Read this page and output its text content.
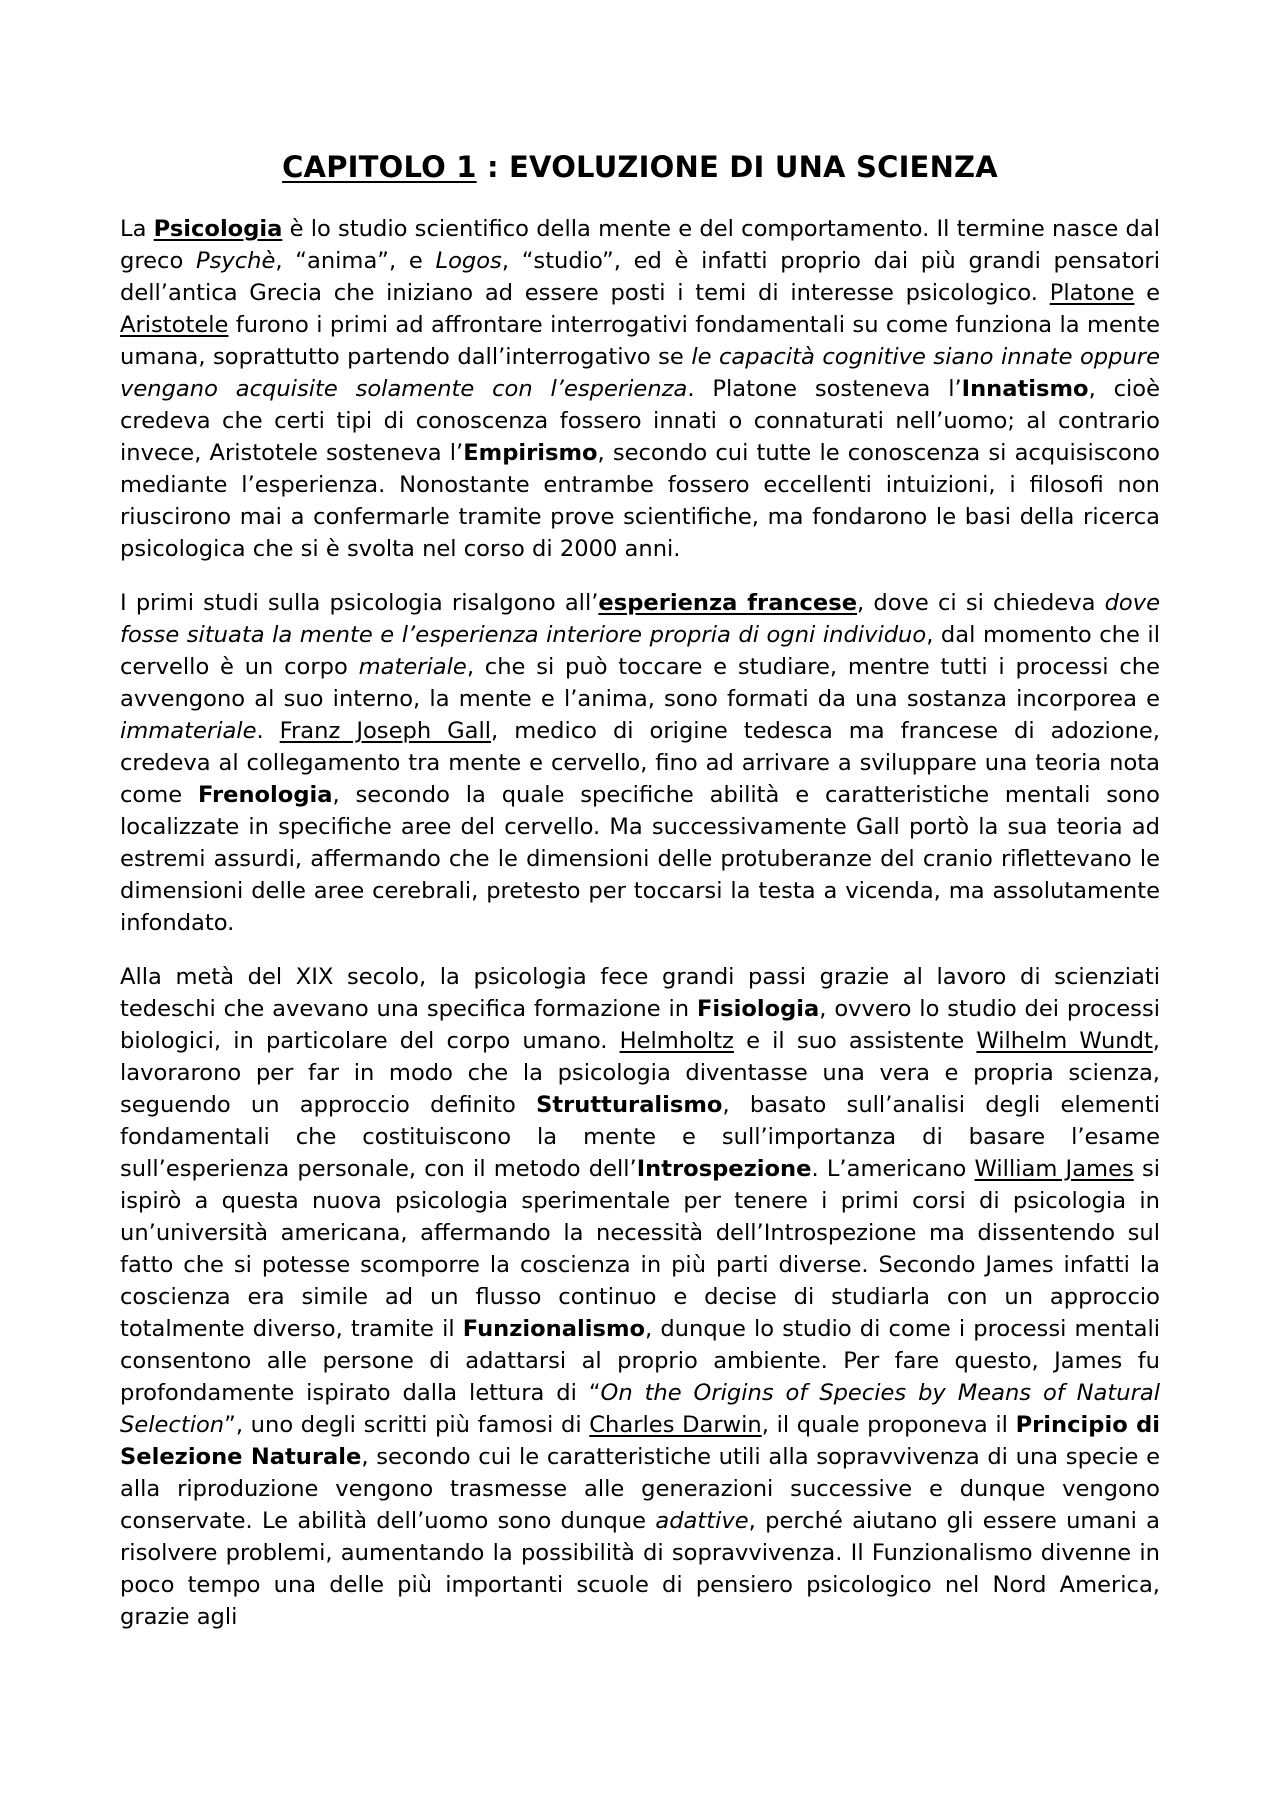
CAPITOLO 1 : EVOLUZIONE DI UNA SCIENZA

La Psicologia è lo studio scientifico della mente e del comportamento. Il termine nasce dal greco Psychè, “anima”, e Logos, “studio”, ed è infatti proprio dai più grandi pensatori dell’antica Grecia che iniziano ad essere posti i temi di interesse psicologico. Platone e Aristotele furono i primi ad affrontare interrogativi fondamentali su come funziona la mente umana, soprattutto partendo dall’interrogativo se le capacità cognitive siano innate oppure vengano acquisite solamente con l’esperienza. Platone sosteneva l’Innatismo, cioè credeva che certi tipi di conoscenza fossero innati o connaturati nell’uomo; al contrario invece, Aristotele sosteneva l’Empirismo, secondo cui tutte le conoscenza si acquisiscono mediante l’esperienza. Nonostante entrambe fossero eccellenti intuizioni, i filosofi non riuscirono mai a confermarle tramite prove scientifiche, ma fondarono le basi della ricerca psicologica che si è svolta nel corso di 2000 anni.

I primi studi sulla psicologia risalgono all’esperienza francese, dove ci si chiedeva dove fosse situata la mente e l’esperienza interiore propria di ogni individuo, dal momento che il cervello è un corpo materiale, che si può toccare e studiare, mentre tutti i processi che avvengono al suo interno, la mente e l’anima, sono formati da una sostanza incorporea e immateriale. Franz Joseph Gall, medico di origine tedesca ma francese di adozione, credeva al collegamento tra mente e cervello, fino ad arrivare a sviluppare una teoria nota come Frenologia, secondo la quale specifiche abilità e caratteristiche mentali sono localizzate in specifiche aree del cervello. Ma successivamente Gall portò la sua teoria ad estremi assurdi, affermando che le dimensioni delle protuberanze del cranio riflettevano le dimensioni delle aree cerebrali, pretesto per toccarsi la testa a vicenda, ma assolutamente infondato.

Alla metà del XIX secolo, la psicologia fece grandi passi grazie al lavoro di scienziati tedeschi che avevano una specifica formazione in Fisiologia, ovvero lo studio dei processi biologici, in particolare del corpo umano. Helmholtz e il suo assistente Wilhelm Wundt, lavorarono per far in modo che la psicologia diventasse una vera e propria scienza, seguendo un approccio definito Strutturalismo, basato sull’analisi degli elementi fondamentali che costituiscono la mente e sull’importanza di basare l’esame sull’esperienza personale, con il metodo dell’Introspezione. L’americano William James si ispirò a questa nuova psicologia sperimentale per tenere i primi corsi di psicologia in un’università americana, affermando la necessità dell’Introspezione ma dissentendo sul fatto che si potesse scomporre la coscienza in più parti diverse. Secondo James infatti la coscienza era simile ad un flusso continuo e decise di studiarla con un approccio totalmente diverso, tramite il Funzionalismo, dunque lo studio di come i processi mentali consentono alle persone di adattarsi al proprio ambiente. Per fare questo, James fu profondamente ispirato dalla lettura di “On the Origins of Species by Means of Natural Selection”, uno degli scritti più famosi di Charles Darwin, il quale proponeva il Principio di Selezione Naturale, secondo cui le caratteristiche utili alla sopravvivenza di una specie e alla riproduzione vengono trasmesse alle generazioni successive e dunque vengono conservate. Le abilità dell’uomo sono dunque adattive, perché aiutano gli essere umani a risolvere problemi, aumentando la possibilità di sopravvivenza. Il Funzionalismo divenne in poco tempo una delle più importanti scuole di pensiero psicologico nel Nord America, grazie agli
